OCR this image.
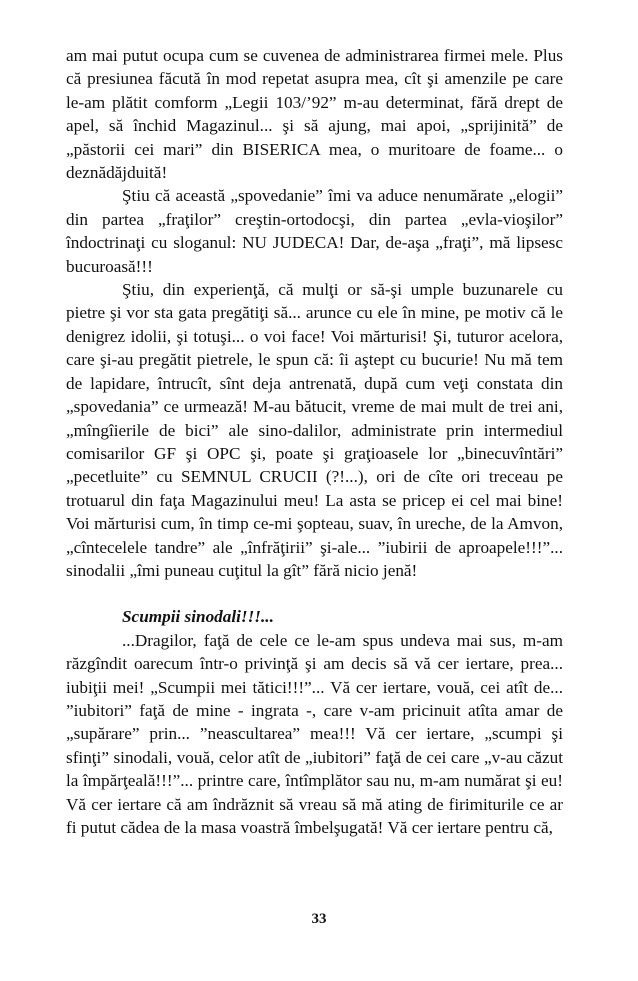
am mai putut ocupa cum se cuvenea de administrarea firmei mele. Plus că presiunea făcută în mod repetat asupra mea, cît şi amenzile pe care le-am plătit comform „Legii 103/’92” m-au determinat, fără drept de apel, să închid Magazinul... şi să ajung, mai apoi, „sprijinită” de „păstorii cei mari” din BISERICA mea, o muritoare de foame... o deznădăjduită!

Ştiu că această „spovedanie” îmi va aduce nenumărate „elogii” din partea „fraţilor” creştin-ortodocşi, din partea „evla-vioşilor” îndoctrinaţi cu sloganul: NU JUDECA! Dar, de-aşa „fraţi”, mă lipsesc bucuroasă!!!

Ştiu, din experienţă, că mulţi or să-şi umple buzunarele cu pietre şi vor sta gata pregătiţi să... arunce cu ele în mine, pe motiv că le denigrez idolii, şi totuşi... o voi face! Voi mărturisi! Şi, tuturor acelora, care şi-au pregătit pietrele, le spun că: îi aştept cu bucurie! Nu mă tem de lapidare, întrucît, sînt deja antrenată, după cum veţi constata din „spovedania” ce urmează! M-au bătucit, vreme de mai mult de trei ani, „mîngîierile de bici” ale sino-dalilor, administrate prin intermediul comisarilor GF şi OPC şi, poate şi graţioasele lor „binecuvîntări” „pecetluite” cu SEMNUL CRUCII (?!...), ori de cîte ori treceau pe trotuarul din faţa Magazinului meu! La asta se pricep ei cel mai bine! Voi mărturisi cum, în timp ce-mi şopteau, suav, în ureche, de la Amvon, „cîntecelele tandre” ale „înfrăţirii” şi-ale... ”iubirii de aproapele!!!”... sinodalii „îmi puneau cuţitul la gît” fără nicio jenă!

Scumpii sinodali!!!...

...Dragilor, faţă de cele ce le-am spus undeva mai sus, m-am răzgîndit oarecum într-o privinţă şi am decis să vă cer iertare, prea... iubiţii mei! „Scumpii mei tătici!!!”... Vă cer iertare, vouă, cei atît de... ”iubitori” faţă de mine - ingrata -, care v-am pricinuit atîta amar de „supărare” prin... ”neascultarea” mea!!! Vă cer iertare, „scumpi şi sfinţi” sinodali, vouă, celor atît de „iubitori” faţă de cei care „v-au căzut la împărţeală!!!”... printre care, întîmplător sau nu, m-am numărat şi eu! Vă cer iertare că am îndrăznit să vreau să mă ating de firimiturile ce ar fi putut cădea de la masa voastră îmbelşugată! Vă cer iertare pentru că,

33
